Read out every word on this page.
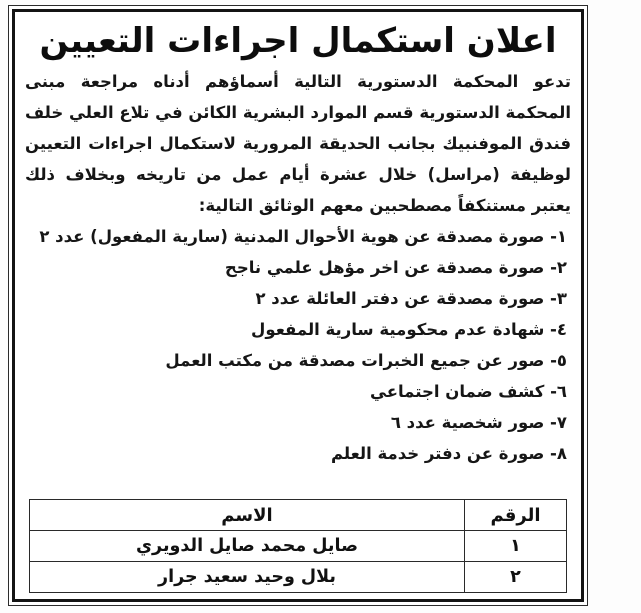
اعلان استكمال اجراءات التعيين
تدعو المحكمة الدستورية التالية أسماؤهم أدناه مراجعة مبنى المحكمة الدستورية قسم الموارد البشرية الكائن في تلاع العلي خلف فندق الموفنبيك بجانب الحديقة المرورية لاستكمال اجراءات التعيين لوظيفة (مراسل) خلال عشرة أيام عمل من تاريخه وبخلاف ذلك يعتبر مستنكفاً مصطحبين معهم الوثائق التالية:
١- صورة مصدقة عن هوية الأحوال المدنية (سارية المفعول) عدد ٢
٢- صورة مصدقة عن اخر مؤهل علمي ناجح
٣- صورة مصدقة عن دفتر العائلة عدد ٢
٤- شهادة عدم محكومية سارية المفعول
٥- صور عن جميع الخبرات مصدقة من مكتب العمل
٦- كشف ضمان اجتماعي
٧- صور شخصية عدد ٦
٨- صورة عن دفتر خدمة العلم
الرقم	الاسم
١	صايل محمد صايل الدويري
٢	بلال وحيد سعيد جرار
